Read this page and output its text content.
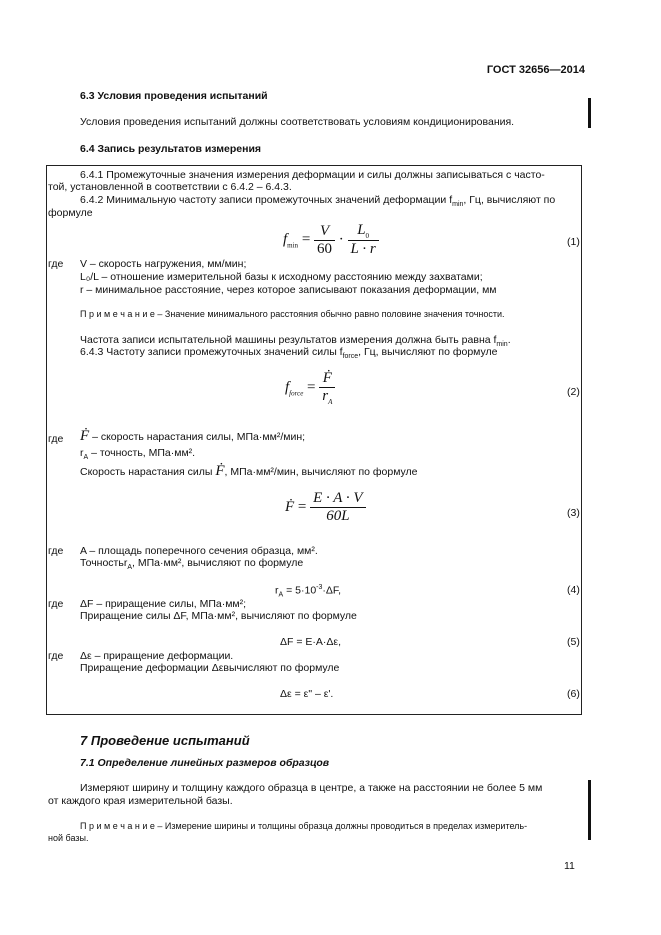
ГОСТ 32656—2014
6.3 Условия проведения испытаний
Условия проведения испытаний должны соответствовать условиям кондиционирования.
6.4 Запись результатов измерения
6.4.1 Промежуточные значения измерения деформации и силы должны записываться с часто-
той, установленной в соответствии с 6.4.2 – 6.4.3.
6.4.2 Минимальную частоту записи промежуточных значений деформации $f_{min}$, Гц, вычисляют по
формуле
$f_{min} = \frac{V}{60} \cdot \frac{L_0}{L \cdot r}$	(1)
где V – скорость нагружения, мм/мин;
L₀/L – отношение измерительной базы к исходному расстоянию между захватами;
r – минимальное расстояние, через которое записывают показания деформации, мм
П р и м е ч а н и е – Значение минимального расстояния обычно равно половине значения точности.
Частота записи испытательной машины результатов измерения должна быть равна $f_{min}$.
6.4.3 Частоту записи промежуточных значений силы $f_{force}$, Гц, вычисляют по формуле
$f_{force} = \frac{\text{Ḟ}}{r_A}$	(2)
где Ḟ – скорость нарастания силы, МПа·мм²/мин;
$r_A$ – точность, МПа·мм².
Скорость нарастания силы Ḟ, МПа·мм²/мин, вычисляют по формуле
Ḟ = $\frac{E \cdot A \cdot V}{60L}$	(3)
где A – площадь поперечного сечения образца, мм².
Точностьr$_A$, МПа·мм², вычисляют по формуле
$r_A = 5\cdot 10^{-3}\cdot\Delta F$,	(4)
где ΔF – приращение силы, МПа·мм²;
Приращение силы ΔF, МПа·мм², вычисляют по формуле
ΔF = E·A·Δε,	(5)
где Δε – приращение деформации.
Приращение деформации Δεвычисляют по формуле
Δε = ε" – ε'.	(6)
7 Проведение испытаний
7.1 Определение линейных размеров образцов
Измеряют ширину и толщину каждого образца в центре, а также на расстоянии не более 5 мм
от каждого края измерительной базы.
П р и м е ч а н и е – Измерение ширины и толщины образца должны проводиться в пределах измеритель-
ной базы.
11
